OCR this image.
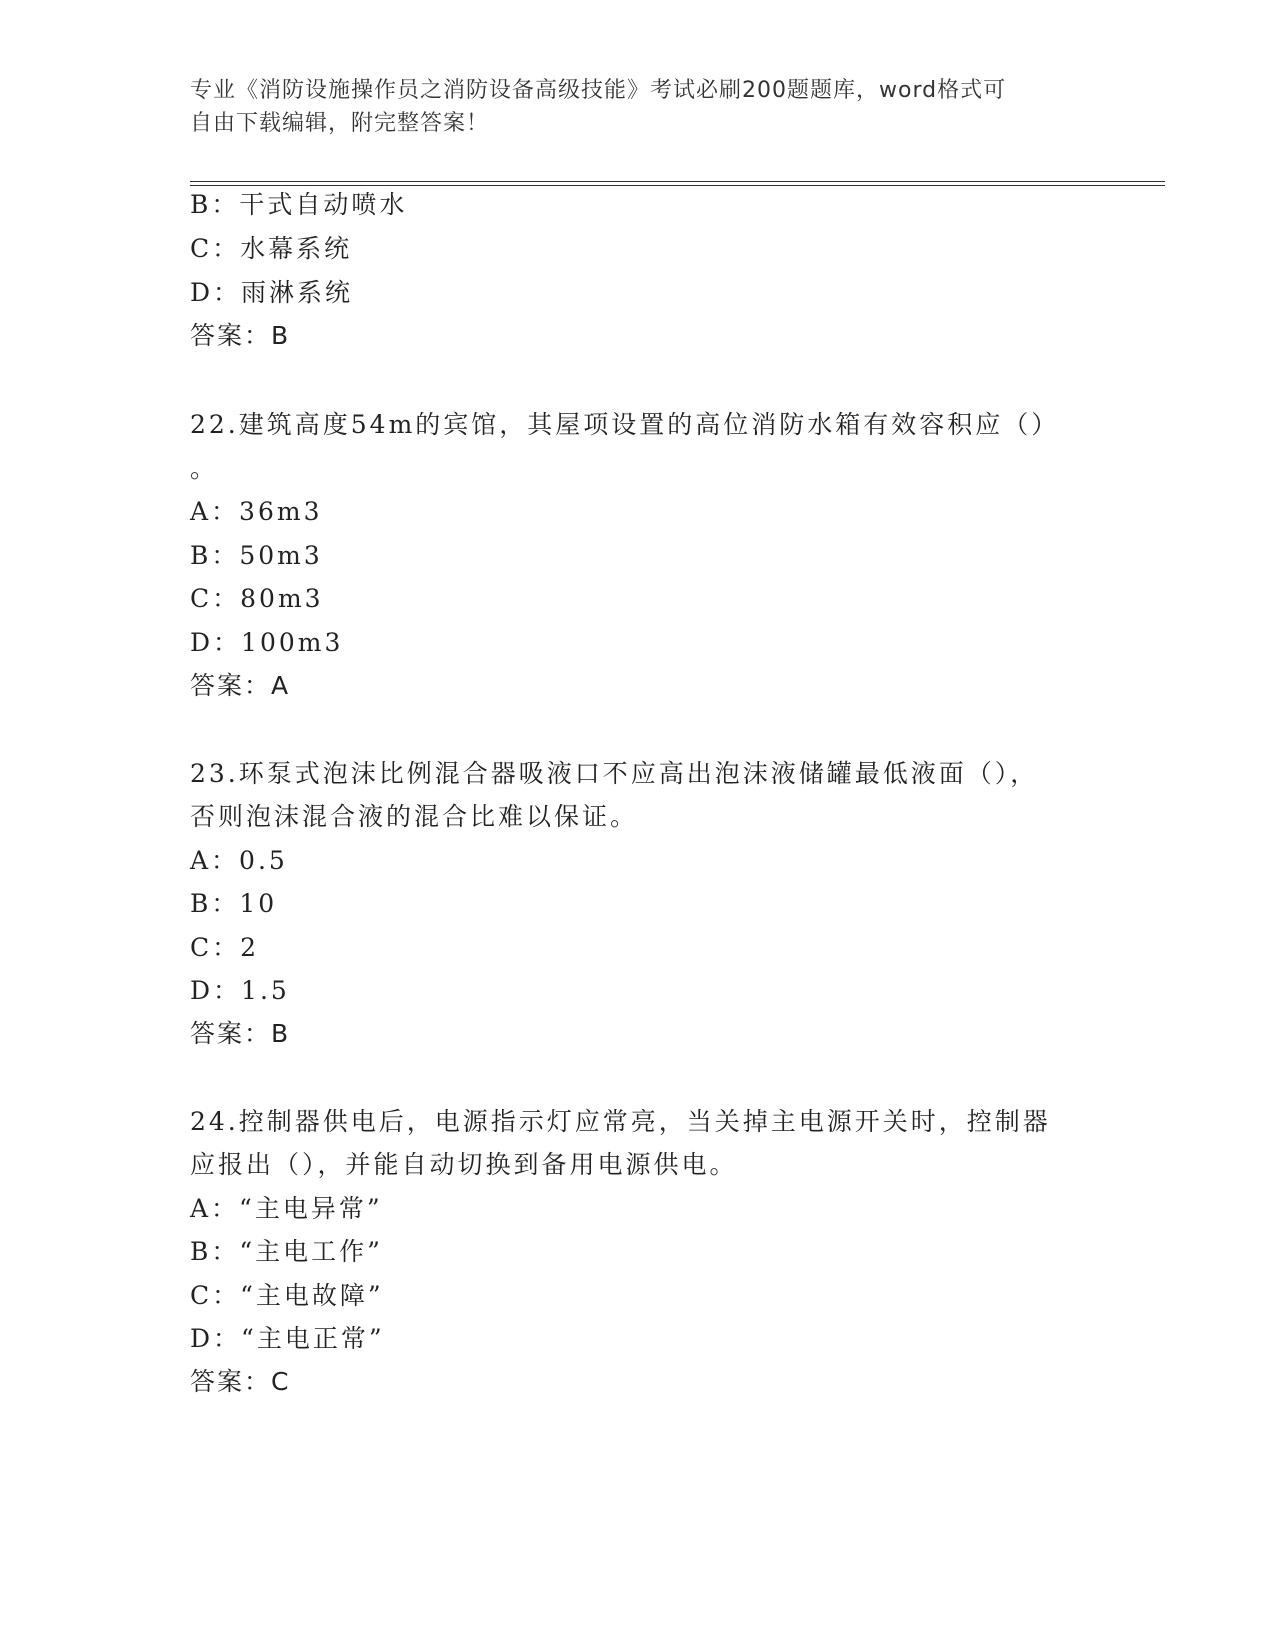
专业《消防设施操作员之消防设备高级技能》考试必刷200题题库，word格式可
自由下载编辑，附完整答案！
B：干式自动喷水
C：水幕系统
D：雨淋系统
答案：B
22.建筑高度54m的宾馆，其屋项设置的高位消防水箱有效容积应（）
。
A：36m3
B：50m3
C：80m3
D：100m3
答案：A
23.环泵式泡沫比例混合器吸液口不应高出泡沫液储罐最低液面（），
否则泡沫混合液的混合比难以保证。
A：0.5
B：10
C：2
D：1.5
答案：B
24.控制器供电后，电源指示灯应常亮，当关掉主电源开关时，控制器
应报出（），并能自动切换到备用电源供电。
A：“主电异常”
B：“主电工作”
C：“主电故障”
D：“主电正常”
答案：C
